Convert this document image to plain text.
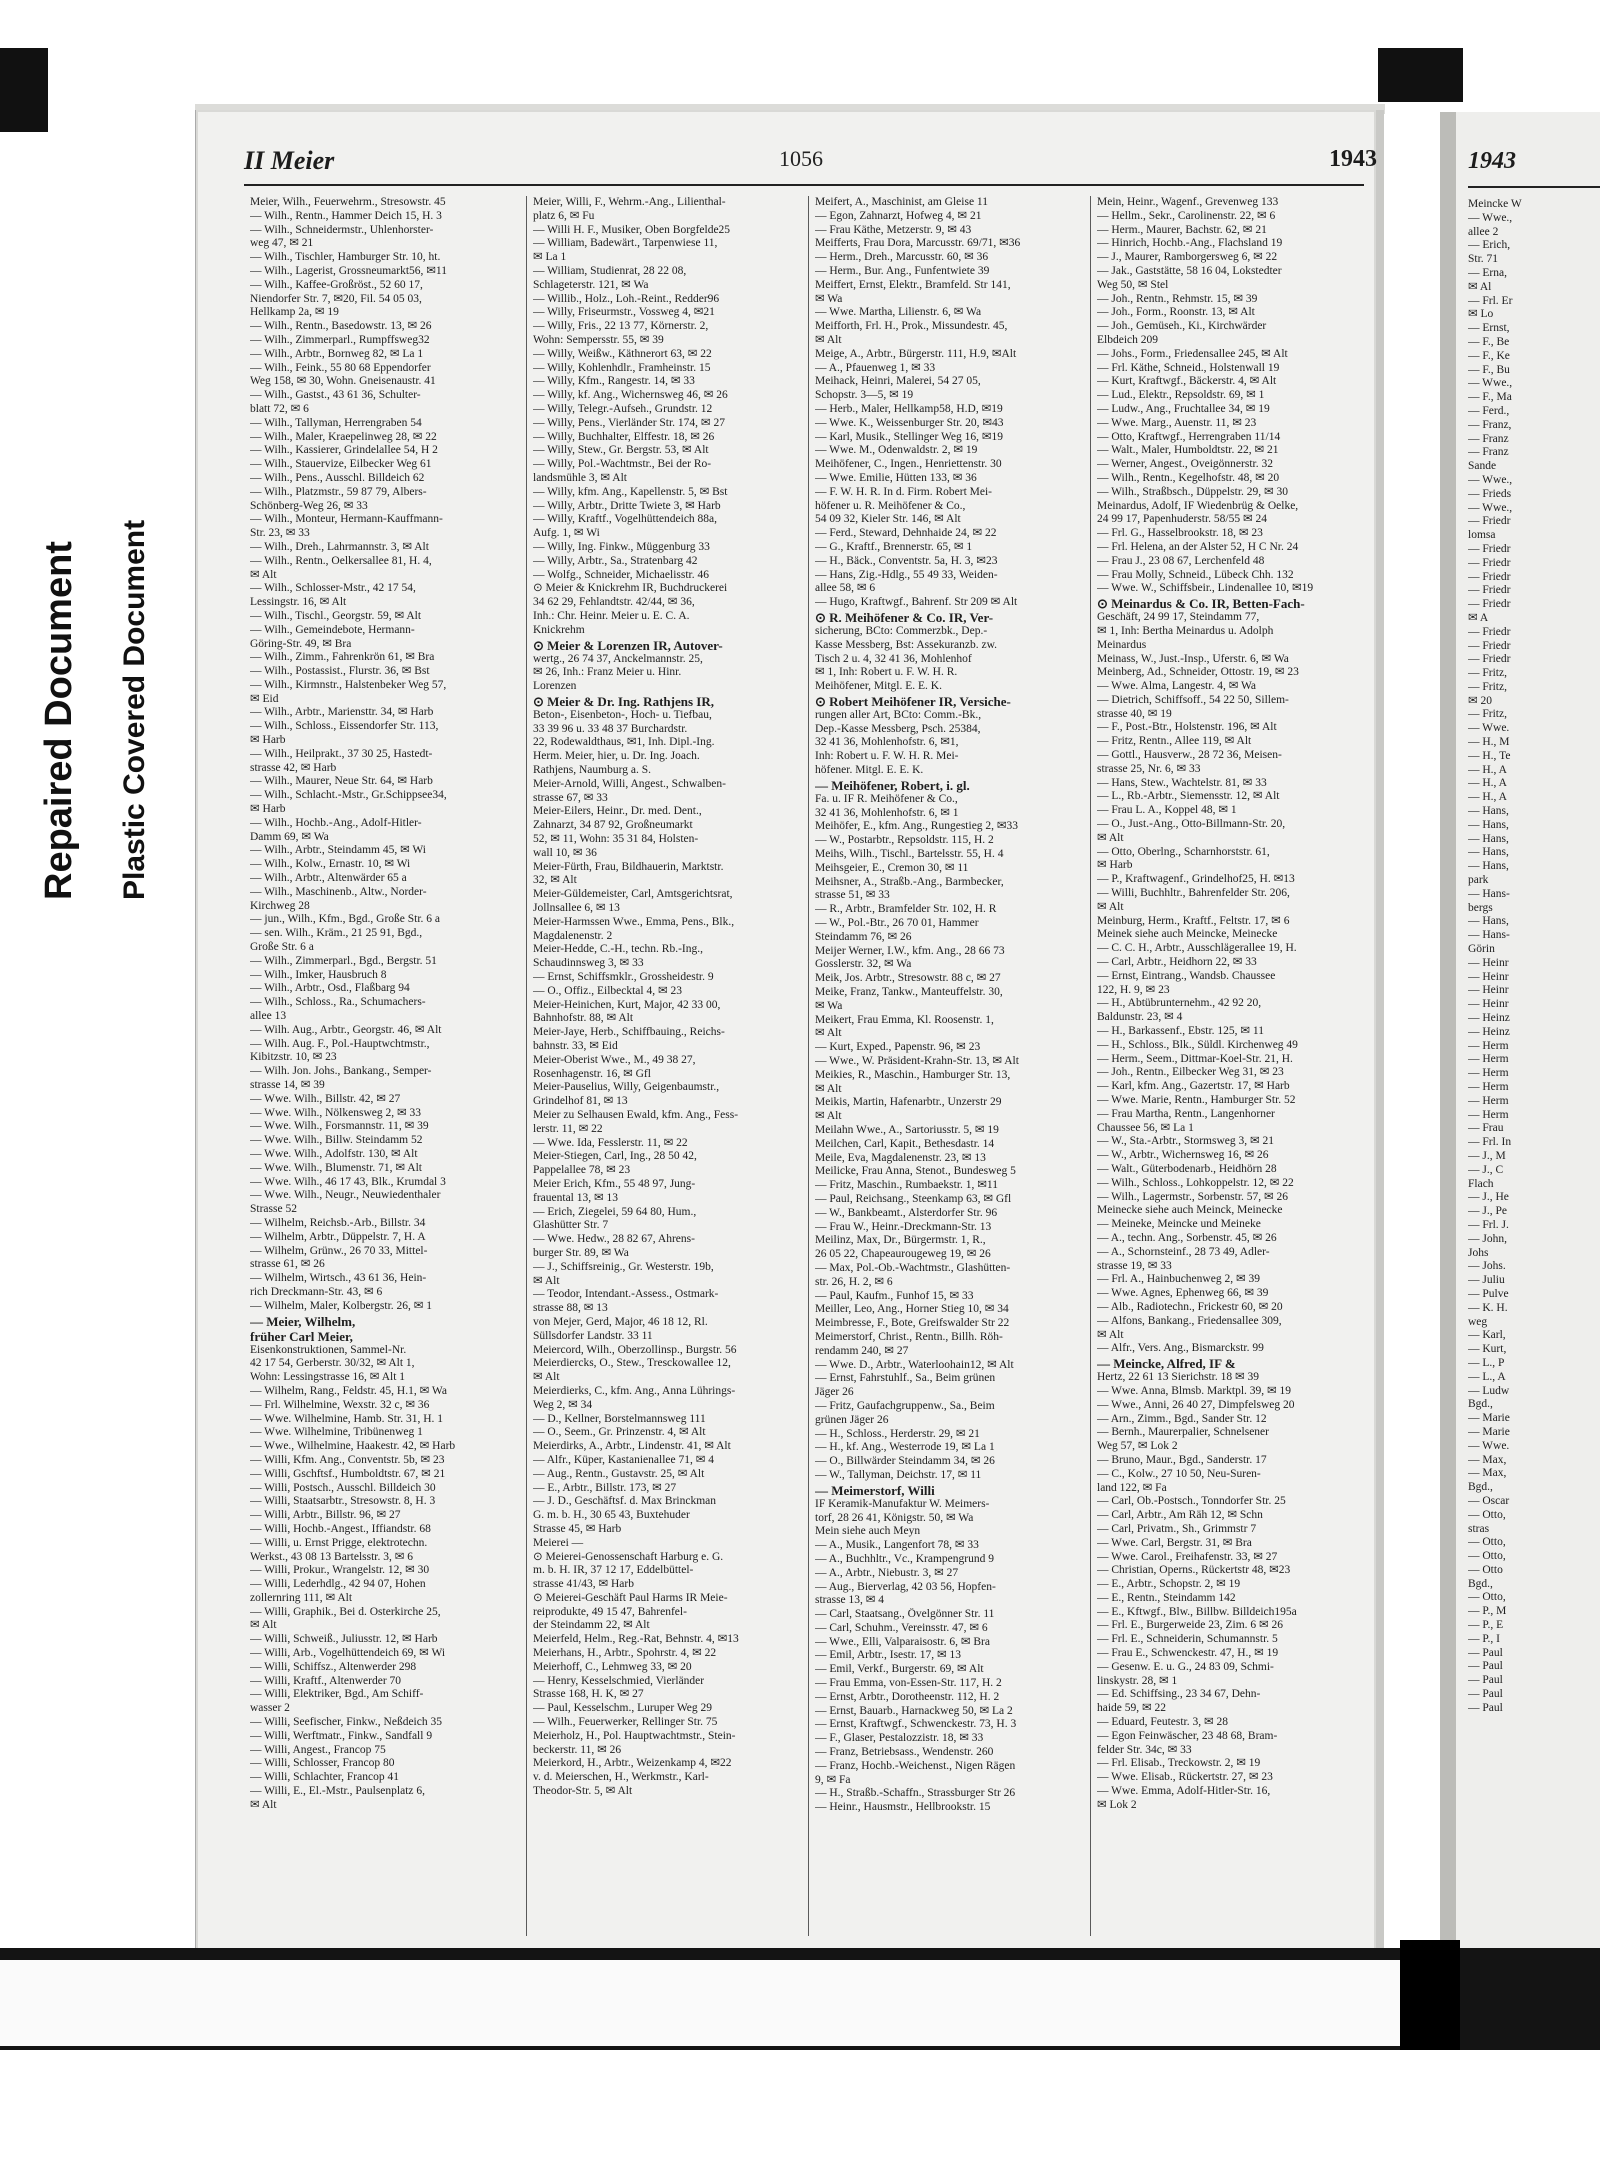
Repaired Document Plastic Covered Document
II Meier	1056	1943
Meier, Wilh., Feuerwehrm., Stresowstr. 45
— Wilh., Rentn., Hammer Deich 15, H. 3
— Wilh., Schneidermstr., Uhlenhorster-
weg 47, ✉ 21
— Wilh., Tischler, Hamburger Str. 10, ht.
— Wilh., Lagerist, Grossneumarkt56, ✉11
— Wilh., Kaffee-Großröst., 52 60 17,
Niendorfer Str. 7, ✉20, Fil. 54 05 03,
Hellkamp 2a, ✉ 19
— Wilh., Rentn., Basedowstr. 13, ✉ 26
— Wilh., Zimmerparl., Rumpffsweg32
— Wilh., Arbtr., Bornweg 82, ✉ La 1
— Wilh., Feink., 55 80 68 Eppendorfer
Weg 158, ✉ 30, Wohn. Gneisenaustr. 41
— Wilh., Gastst., 43 61 36, Schulter-
blatt 72, ✉ 6
— Wilh., Tallyman, Herrengraben 54
— Wilh., Maler, Kraepelinweg 28, ✉ 22
— Wilh., Kassierer, Grindelallee 54, H 2
— Wilh., Stauervize, Eilbecker Weg 61
— Wilh., Pens., Ausschl. Billdeich 62
— Wilh., Platzmstr., 59 87 79, Albers-
Schönberg-Weg 26, ✉ 33
— Wilh., Monteur, Hermann-Kauffmann-
Str. 23, ✉ 33
— Wilh., Dreh., Lahrmannstr. 3, ✉ Alt
— Wilh., Rentn., Oelkersallee 81, H. 4,
✉ Alt
— Wilh., Schlosser-Mstr., 42 17 54,
Lessingstr. 16, ✉ Alt
— Wilh., Tischl., Georgstr. 59, ✉ Alt
— Wilh., Gemeindebote, Hermann-
Göring-Str. 49, ✉ Bra
— Wilh., Zimm., Fahrenkrön 61, ✉ Bra
— Wilh., Postassist., Flurstr. 36, ✉ Bst
— Wilh., Kirmnstr., Halstenbeker Weg 57,
✉ Eid
— Wilh., Arbtr., Mariensttr. 34, ✉ Harb
— Wilh., Schloss., Eissendorfer Str. 113,
✉ Harb
— Wilh., Heilprakt., 37 30 25, Hastedt-
strasse 42, ✉ Harb
— Wilh., Maurer, Neue Str. 64, ✉ Harb
— Wilh., Schlacht.-Mstr., Gr.Schippsee34,
✉ Harb
— Wilh., Hochb.-Ang., Adolf-Hitler-
Damm 69, ✉ Wa
— Wilh., Arbtr., Steindamm 45, ✉ Wi
— Wilh., Kolw., Ernastr. 10, ✉ Wi
— Wilh., Arbtr., Altenwärder 65 a
— Wilh., Maschinenb., Altw., Norder-
Kirchweg 28
— jun., Wilh., Kfm., Bgd., Große Str. 6 a
— sen. Wilh., Kräm., 21 25 91, Bgd.,
Große Str. 6 a
— Wilh., Zimmerparl., Bgd., Bergstr. 51
— Wilh., Imker, Hausbruch 8
— Wilh., Arbtr., Osd., Flaßbarg 94
— Wilh., Schloss., Ra., Schumachers-
allee 13
— Wilh. Aug., Arbtr., Georgstr. 46, ✉ Alt
— Wilh. Aug. F., Pol.-Hauptwchtmstr.,
Kibitzstr. 10, ✉ 23
— Wilh. Jon. Johs., Bankang., Semper-
strasse 14, ✉ 39
— Wwe. Wilh., Billstr. 42, ✉ 27
— Wwe. Wilh., Nölkensweg 2, ✉ 33
— Wwe. Wilh., Forsmannstr. 11, ✉ 39
— Wwe. Wilh., Billw. Steindamm 52
— Wwe. Wilh., Adolfstr. 130, ✉ Alt
— Wwe. Wilh., Blumenstr. 71, ✉ Alt
— Wwe. Wilh., 46 17 43, Blk., Krumdal 3
— Wwe. Wilh., Neugr., Neuwiedenthaler
Strasse 52
— Wilhelm, Reichsb.-Arb., Billstr. 34
— Wilhelm, Arbtr., Düppelstr. 7, H. A
— Wilhelm, Grünw., 26 70 33, Mittel-
strasse 61, ✉ 26
— Wilhelm, Wirtsch., 43 61 36, Hein-
rich Dreckmann-Str. 43, ✉ 6
— Wilhelm, Maler, Kolbergstr. 26, ✉ 1
— Meier, Wilhelm,
früher Carl Meier,
Eisenkonstruktionen, Sammel-Nr.
42 17 54, Gerberstr. 30/32, ✉ Alt 1,
Wohn: Lessingstrasse 16, ✉ Alt 1
— Wilhelm, Rang., Feldstr. 45, H.1, ✉ Wa
— Frl. Wilhelmine, Wexstr. 32 c, ✉ 36
— Wwe. Wilhelmine, Hamb. Str. 31, H. 1
— Wwe. Wilhelmine, Tribünenweg 1
— Wwe., Wilhelmine, Haakestr. 42, ✉ Harb
— Willi, Kfm. Ang., Conventstr. 5b, ✉ 23
— Willi, Gschftsf., Humboldtstr. 67, ✉ 21
— Willi, Postsch., Ausschl. Billdeich 30
— Willi, Staatsarbtr., Stresowstr. 8, H. 3
— Willi, Arbtr., Billstr. 96, ✉ 27
— Willi, Hochb.-Angest., Iffiandstr. 68
— Willi, u. Ernst Prigge, elektrotechn.
Werkst., 43 08 13 Bartelsstr. 3, ✉ 6
— Willi, Prokur., Wrangelstr. 12, ✉ 30
— Willi, Lederhdlg., 42 94 07, Hohen
zollernring 111, ✉ Alt
— Willi, Graphik., Bei d. Osterkirche 25,
✉ Alt
— Willi, Schweiß., Juliusstr. 12, ✉ Harb
— Willi, Arb., Vogelhüttendeich 69, ✉ Wi
— Willi, Schiffsz., Altenwerder 298
— Willi, Kraftf., Altenwerder 70
— Willi, Elektriker, Bgd., Am Schiff-
wasser 2
— Willi, Seefischer, Finkw., Neßdeich 35
— Willi, Werftmatr., Finkw., Sandfall 9
— Willi, Angest., Francop 75
— Willi, Schlosser, Francop 80
— Willi, Schlachter, Francop 41
— Willi, E., El.-Mstr., Paulsenplatz 6,
✉ Alt
Meier, Willi, F., Wehrm.-Ang., Lilienthal-
platz 6, ✉ Fu
— Willi H. F., Musiker, Oben Borgfelde25
— William, Badewärt., Tarpenwiese 11,
✉ La 1
— William, Studienrat, 28 22 08,
Schlageterstr. 121, ✉ Wa
— Willib., Holz., Loh.-Reint., Redder96
— Willy, Friseurmstr., Vossweg 4, ✉21
— Willy, Fris., 22 13 77, Körnerstr. 2,
Wohn: Sempersstr. 55, ✉ 39
— Willy, Weißw., Käthnerort 63, ✉ 22
— Willy, Kohlenhdlr., Framheinstr. 15
— Willy, Kfm., Rangestr. 14, ✉ 33
— Willy, kf. Ang., Wichernsweg 46, ✉ 26
— Willy, Telegr.-Aufseh., Grundstr. 12
— Willy, Pens., Vierländer Str. 174, ✉ 27
— Willy, Buchhalter, Elffestr. 18, ✉ 26
— Willy, Stew., Gr. Bergstr. 53, ✉ Alt
— Willy, Pol.-Wachtmstr., Bei der Ro-
landsmühle 3, ✉ Alt
— Willy, kfm. Ang., Kapellenstr. 5, ✉ Bst
— Willy, Arbtr., Dritte Twiete 3, ✉ Harb
— Willy, Kraftf., Vogelhüttendeich 88a,
Aufg. 1, ✉ Wi
— Willy, Ing. Finkw., Müggenburg 33
— Willy, Arbtr., Sa., Stratenbarg 42
— Wolfg., Schneider, Michaelisstr. 46
⊙ Meier & Knickrehm IR, Buchdruckerei
34 62 29, Fehlandtstr. 42/44, ✉ 36,
Inh.: Chr. Heinr. Meier u. E. C. A.
Knickrehm
⊙ Meier & Lorenzen IR, Autover-
wertg., 26 74 37, Anckelmannstr. 25,
✉ 26, Inh.: Franz Meier u. Hinr.
Lorenzen
⊙ Meier & Dr. Ing. Rathjens IR,
Beton-, Eisenbeton-, Hoch- u. Tiefbau,
33 39 96 u. 33 48 37 Burchardstr.
22, Rodewaldthaus, ✉1, Inh. Dipl.-Ing.
Herm. Meier, hier, u. Dr. Ing. Joach.
Rathjens, Naumburg a. S.
Meier-Arnold, Willi, Angest., Schwalben-
strasse 67, ✉ 33
Meier-Eilers, Heinr., Dr. med. Dent.,
Zahnarzt, 34 87 92, Großneumarkt
52, ✉ 11, Wohn: 35 31 84, Holsten-
wall 10, ✉ 36
Meier-Fürth, Frau, Bildhauerin, Marktstr.
32, ✉ Alt
Meier-Güldemeister, Carl, Amtsgerichtsrat,
Jollnsallee 6, ✉ 13
Meier-Harmssen Wwe., Emma, Pens., Blk.,
Magdalenenstr. 2
Meier-Hedde, C.-H., techn. Rb.-Ing.,
Schaudinnsweg 3, ✉ 33
— Ernst, Schiffsmklr., Grossheidestr. 9
— O., Offiz., Eilbecktal 4, ✉ 23
Meier-Heinichen, Kurt, Major, 42 33 00,
Bahnhofstr. 88, ✉ Alt
Meier-Jaye, Herb., Schiffbauing., Reichs-
bahnstr. 33, ✉ Eid
Meier-Oberist Wwe., M., 49 38 27,
Rosenhagenstr. 16, ✉ Gfl
Meier-Pauselius, Willy, Geigenbaumstr.,
Grindelhof 81, ✉ 13
Meier zu Selhausen Ewald, kfm. Ang., Fess-
lerstr. 11, ✉ 22
— Wwe. Ida, Fesslerstr. 11, ✉ 22
Meier-Stiegen, Carl, Ing., 28 50 42,
Pappelallee 78, ✉ 23
Meier Erich, Kfm., 55 48 97, Jung-
frauental 13, ✉ 13
— Erich, Ziegelei, 59 64 80, Hum.,
Glashütter Str. 7
— Wwe. Hedw., 28 82 67, Ahrens-
burger Str. 89, ✉ Wa
— J., Schiffsreinig., Gr. Westerstr. 19b,
✉ Alt
— Teodor, Intendant.-Assess., Ostmark-
strasse 88, ✉ 13
von Mejer, Gerd, Major, 46 18 12, Rl.
Süllsdorfer Landstr. 33 11
Meiercord, Wilh., Oberzollinsp., Burgstr. 56
Meierdiercks, O., Stew., Tresckowallee 12,
✉ Alt
Meierdierks, C., kfm. Ang., Anna Lührings-
Weg 2, ✉ 34
— D., Kellner, Borstelmannsweg 111
— O., Seem., Gr. Prinzenstr. 4, ✉ Alt
Meierdirks, A., Arbtr., Lindenstr. 41, ✉ Alt
— Alfr., Küper, Kastanienallee 71, ✉ 4
— Aug., Rentn., Gustavstr. 25, ✉ Alt
— E., Arbtr., Billstr. 173, ✉ 27
— J. D., Geschäftsf. d. Max Brinckman
G. m. b. H., 30 65 43, Buxtehuder
Strasse 45, ✉ Harb
Meierei —
⊙ Meierei-Genossenschaft Harburg e. G.
m. b. H. IR, 37 12 17, Eddelbüttel-
strasse 41/43, ✉ Harb
⊙ Meierei-Geschäft Paul Harms IR Meie-
reiprodukte, 49 15 47, Bahrenfel-
der Steindamm 22, ✉ Alt
Meierfeld, Helm., Reg.-Rat, Behnstr. 4, ✉13
Meierhans, H., Arbtr., Spohrstr. 4, ✉ 22
Meierhoff, C., Lehmweg 33, ✉ 20
— Henry, Kesselschmied, Vierländer
Strasse 168, H. K, ✉ 27
— Paul, Kesselschm., Luruper Weg 29
— Wilh., Feuerwerker, Rellinger Str. 75
Meierholz, H., Pol. Hauptwachtmstr., Stein-
beckerstr. 11, ✉ 26
Meierkord, H., Arbtr., Weizenkamp 4, ✉22
v. d. Meierschen, H., Werkmstr., Karl-
Theodor-Str. 5, ✉ Alt
Meifert, A., Maschinist, am Gleise 11
— Egon, Zahnarzt, Hofweg 4, ✉ 21
— Frau Käthe, Metzerstr. 9, ✉ 43
Meifferts, Frau Dora, Marcusstr. 69/71, ✉36
— Herm., Dreh., Marcusstr. 60, ✉ 36
— Herm., Bur. Ang., Funfentwiete 39
Meiffert, Ernst, Elektr., Bramfeld. Str 141,
✉ Wa
— Wwe. Martha, Lilienstr. 6, ✉ Wa
Meifforth, Frl. H., Prok., Missundestr. 45,
✉ Alt
Meige, A., Arbtr., Bürgerstr. 111, H.9, ✉Alt
— A., Pfauenweg 1, ✉ 33
Meihack, Heinri, Malerei, 54 27 05,
Schopstr. 3—5, ✉ 19
— Herb., Maler, Hellkamp58, H.D, ✉19
— Wwe. K., Weissenburger Str. 20, ✉43
— Karl, Musik., Stellinger Weg 16, ✉19
— Wwe. M., Odenwaldstr. 2, ✉ 19
Meihöfener, C., Ingen., Henriettenstr. 30
— Wwe. Emilie, Hütten 133, ✉ 36
— F. W. H. R. In d. Firm. Robert Mei-
höfener u. R. Meihöfener & Co.,
54 09 32, Kieler Str. 146, ✉ Alt
— Ferd., Steward, Dehnhaide 24, ✉ 22
— G., Kraftf., Brennerstr. 65, ✉ 1
— H., Bäck., Conventstr. 5a, H. 3, ✉23
— Hans, Zig.-Hdlg., 55 49 33, Weiden-
allee 58, ✉ 6
— Hugo, Kraftwgf., Bahrenf. Str 209 ✉ Alt
⊙ R. Meihöfener & Co. IR, Ver-
sicherung, BCto: Commerzbk., Dep.-
Kasse Messberg, Bst: Assekuranzb. zw.
Tisch 2 u. 4, 32 41 36, Mohlenhof
✉ 1, Inh: Robert u. F. W. H. R.
Meihöfener, Mitgl. E. E. K.
⊙ Robert Meihöfener IR, Versiche-
rungen aller Art, BCto: Comm.-Bk.,
Dep.-Kasse Messberg, Psch. 25384,
32 41 36, Mohlenhofstr. 6, ✉1,
Inh: Robert u. F. W. H. R. Mei-
höfener. Mitgl. E. E. K.
— Meihöfener, Robert, i. gl.
Fa. u. IF R. Meihöfener & Co.,
32 41 36, Mohlenhofstr. 6, ✉ 1
Meihöfer, E., kfm. Ang., Rungestieg 2, ✉33
— W., Postarbtr., Repsoldstr. 115, H. 2
Meihs, Wilh., Tischl., Bartelsstr. 55, H. 4
Meihsgeier, E., Cremon 30, ✉ 11
Meihsner, A., Straßb.-Ang., Barmbecker,
strasse 51, ✉ 33
— R., Arbtr., Bramfelder Str. 102, H. R
— W., Pol.-Btr., 26 70 01, Hammer
Steindamm 76, ✉ 26
Meijer Werner, I.W., kfm. Ang., 28 66 73
Gosslerstr. 32, ✉ Wa
Meik, Jos. Arbtr., Stresowstr. 88 c, ✉ 27
Meike, Franz, Tankw., Manteuffelstr. 30,
✉ Wa
Meikert, Frau Emma, Kl. Roosenstr. 1,
✉ Alt
— Kurt, Exped., Papenstr. 96, ✉ 23
— Wwe., W. Präsident-Krahn-Str. 13, ✉ Alt
Meikies, R., Maschin., Hamburger Str. 13,
✉ Alt
Meikis, Martin, Hafenarbtr., Unzerstr 29
✉ Alt
Meilahn Wwe., A., Sartoriusstr. 5, ✉ 19
Meilchen, Carl, Kapit., Bethesdastr. 14
Meile, Eva, Magdalenenstr. 23, ✉ 13
Meilicke, Frau Anna, Stenot., Bundesweg 5
— Fritz, Maschin., Rumbaekstr. 1, ✉11
— Paul, Reichsang., Steenkamp 63, ✉ Gfl
— W., Bankbeamt., Alsterdorfer Str. 96
— Frau W., Heinr.-Dreckmann-Str. 13
Meilinz, Max, Dr., Bürgermstr. 1, R.,
26 05 22, Chapeaurougeweg 19, ✉ 26
— Max, Pol.-Ob.-Wachtmstr., Glashütten-
str. 26, H. 2, ✉ 6
— Paul, Kaufm., Funhof 15, ✉ 33
Meiller, Leo, Ang., Horner Stieg 10, ✉ 34
Meimbresse, F., Bote, Greifswalder Str 22
Meimerstorf, Christ., Rentn., Billh. Röh-
rendamm 240, ✉ 27
— Wwe. D., Arbtr., Waterloohain12, ✉ Alt
— Ernst, Fahrstuhlf., Sa., Beim grünen
Jäger 26
— Fritz, Gaufachgruppenw., Sa., Beim
grünen Jäger 26
— H., Schloss., Herderstr. 29, ✉ 21
— H., kf. Ang., Westerrode 19, ✉ La 1
— O., Billwärder Steindamm 34, ✉ 26
— W., Tallyman, Deichstr. 17, ✉ 11
— Meimerstorf, Willi
IF Keramik-Manufaktur W. Meimers-
torf, 28 26 41, Königstr. 50, ✉ Wa
Mein siehe auch Meyn
— A., Musik., Langenfort 78, ✉ 33
— A., Buchhltr., Vc., Krampengrund 9
— A., Arbtr., Niebustr. 3, ✉ 27
— Aug., Bierverlag, 42 03 56, Hopfen-
strasse 13, ✉ 4
— Carl, Staatsang., Övelgönner Str. 11
— Carl, Schuhm., Vereinsstr. 47, ✉ 6
— Wwe., Elli, Valparaisostr. 6, ✉ Bra
— Emil, Arbtr., Isestr. 17, ✉ 13
— Emil, Verkf., Burgerstr. 69, ✉ Alt
— Frau Emma, von-Essen-Str. 117, H. 2
— Ernst, Arbtr., Dorotheenstr. 112, H. 2
— Ernst, Bauarb., Harnackweg 50, ✉ La 2
— Ernst, Kraftwgf., Schwenckestr. 73, H. 3
— F., Glaser, Pestalozzistr. 18, ✉ 33
— Franz, Betriebsass., Wendenstr. 260
— Franz, Hochb.-Weichenst., Nigen Rägen
9, ✉ Fa
— H., Straßb.-Schaffn., Strassburger Str 26
— Heinr., Hausmstr., Hellbrookstr. 15
Mein, Heinr., Wagenf., Grevenweg 133
— Hellm., Sekr., Carolinenstr. 22, ✉ 6
— Herm., Maurer, Bachstr. 62, ✉ 21
— Hinrich, Hochb.-Ang., Flachsland 19
— J., Maurer, Ramborgersweg 6, ✉ 22
— Jak., Gaststätte, 58 16 04, Lokstedter
Weg 50, ✉ Stel
— Joh., Rentn., Rehmstr. 15, ✉ 39
— Joh., Form., Roonstr. 13, ✉ Alt
— Joh., Gemüseh., Ki., Kirchwärder
Elbdeich 209
— Johs., Form., Friedensallee 245, ✉ Alt
— Frl. Käthe, Schneid., Holstenwall 19
— Kurt, Kraftwgf., Bäckerstr. 4, ✉ Alt
— Lud., Elektr., Repsoldstr. 69, ✉ 1
— Ludw., Ang., Fruchtallee 34, ✉ 19
— Wwe. Marg., Auenstr. 11, ✉ 23
— Otto, Kraftwgf., Herrengraben 11/14
— Walt., Maler, Humboldtstr. 22, ✉ 21
— Werner, Angest., Oveigönnerstr. 32
— Wilh., Rentn., Kegelhofstr. 48, ✉ 20
— Wilh., Straßbsch., Düppelstr. 29, ✉ 30
Meinardus, Adolf, IF Wiedenbrüg & Oelke,
24 99 17, Papenhuderstr. 58/55 ✉ 24
— Frl. G., Hasselbrookstr. 18, ✉ 23
— Frl. Helena, an der Alster 52, H C Nr. 24
— Frau J., 23 08 67, Lerchenfeld 48
— Frau Molly, Schneid., Lübeck Chh. 132
— Wwe. W., Schiffsbeir., Lindenallee 10, ✉19
⊙ Meinardus & Co. IR, Betten-Fach-
Geschäft, 24 99 17, Steindamm 77,
✉ 1, Inh: Bertha Meinardus u. Adolph
Meinardus
Meinass, W., Just.-Insp., Uferstr. 6, ✉ Wa
Meinberg, Ad., Schneider, Ottostr. 19, ✉ 23
— Wwe. Alma, Langestr. 4, ✉ Wa
— Dietrich, Schiffsoff., 54 22 50, Sillem-
strasse 40, ✉ 19
— F., Post.-Btr., Holstenstr. 196, ✉ Alt
— Fritz, Rentn., Allee 119, ✉ Alt
— Gottl., Hausverw., 28 72 36, Meisen-
strasse 25, Nr. 6, ✉ 33
— Hans, Stew., Wachtelstr. 81, ✉ 33
— L., Rb.-Arbtr., Siemensstr. 12, ✉ Alt
— Frau L. A., Koppel 48, ✉ 1
— O., Just.-Ang., Otto-Billmann-Str. 20,
✉ Alt
— Otto, Oberlng., Scharnhorststr. 61,
✉ Harb
— P., Kraftwagenf., Grindelhof25, H. ✉13
— Willi, Buchhltr., Bahrenfelder Str. 206,
✉ Alt
Meinburg, Herm., Kraftf., Feltstr. 17, ✉ 6
Meinek siehe auch Meincke, Meinecke
— C. C. H., Arbtr., Ausschlägerallee 19, H.
— Carl, Arbtr., Heidhorn 22, ✉ 33
— Ernst, Eintrang., Wandsb. Chaussee
122, H. 9, ✉ 23
— H., Abtübrunternehm., 42 92 20,
Baldunstr. 23, ✉ 4
— H., Barkassenf., Ebstr. 125, ✉ 11
— H., Schloss., Blk., Süldl. Kirchenweg 49
— Herm., Seem., Dittmar-Koel-Str. 21, H.
— Joh., Rentn., Eilbecker Weg 31, ✉ 23
— Karl, kfm. Ang., Gazertstr. 17, ✉ Harb
— Wwe. Marie, Rentn., Hamburger Str. 52
— Frau Martha, Rentn., Langenhorner
Chaussee 56, ✉ La 1
— W., Sta.-Arbtr., Stormsweg 3, ✉ 21
— W., Arbtr., Wichernsweg 16, ✉ 26
— Walt., Güterbodenarb., Heidhörn 28
— Wilh., Schloss., Lohkoppelstr. 12, ✉ 22
— Wilh., Lagermstr., Sorbenstr. 57, ✉ 26
Meinecke siehe auch Meinck, Meinecke
— Meineke, Meincke und Meineke
— A., techn. Ang., Sorbenstr. 45, ✉ 26
— A., Schornsteinf., 28 73 49, Adler-
strasse 19, ✉ 33
— Frl. A., Hainbuchenweg 2, ✉ 39
— Wwe. Agnes, Ephenweg 66, ✉ 39
— Alb., Radiotechn., Frickestr 60, ✉ 20
— Alfons, Bankang., Friedensallee 309,
✉ Alt
— Alfr., Vers. Ang., Bismarckstr. 99
— Meincke, Alfred, IF &
Hertz, 22 61 13 Sierichstr. 18 ✉ 39
— Wwe. Anna, Blmsb. Marktpl. 39, ✉ 19
— Wwe., Anni, 26 40 27, Dimpfelsweg 20
— Arn., Zimm., Bgd., Sander Str. 12
— Bernh., Maurerpalier, Schnelsener
Weg 57, ✉ Lok 2
— Bruno, Maur., Bgd., Sanderstr. 17
— C., Kolw., 27 10 50, Neu-Suren-
land 122, ✉ Fa
— Carl, Ob.-Postsch., Tonndorfer Str. 25
— Carl, Arbtr., Am Räh 12, ✉ Schn
— Carl, Privatm., Sh., Grimmstr 7
— Wwe. Carl, Bergstr. 31, ✉ Bra
— Wwe. Carol., Freihafenstr. 33, ✉ 27
— Christian, Operns., Rückertstr 48, ✉23
— E., Arbtr., Schopstr. 2, ✉ 19
— E., Rentn., Steindamm 142
— E., Kftwgf., Blw., Billbw. Billdeich195a
— Frl. E., Burgerweide 23, Zim. 6 ✉ 26
— Frl. E., Schneiderin, Schumannstr. 5
— Frau E., Schwenckestr. 47, H., ✉ 19
— Gesenw. E. u. G., 24 83 09, Schmi-
linskystr. 28, ✉ 1
— Ed. Schiffsing., 23 34 67, Dehn-
haide 59, ✉ 22
— Eduard, Feutestr. 3, ✉ 28
— Egon Feinwäscher, 23 48 68, Bram-
felder Str. 34c, ✉ 33
— Frl. Elisab., Treckowstr. 2, ✉ 19
— Wwe. Elisab., Rückertstr. 27, ✉ 23
— Wwe. Emma, Adolf-Hitler-Str. 16,
✉ Lok 2
1943
Meincke W
— Wwe.,
allee 2
— Erich,
Str. 71
— Erna,
✉ Al
— Frl. Er
✉ Lo
— Ernst,
— F., Be
— F., Ke
— F., Bu
— Wwe.,
— F., Ma
— Ferd.,
— Franz,
— Franz
— Franz
Sande
— Wwe.,
— Frieds
— Wwe.,
— Friedr
lomsa
— Friedr
— Friedr
— Friedr
— Friedr
— Friedr
✉ A
— Friedr
— Friedr
— Friedr
— Fritz,
— Fritz,
✉ 20
— Fritz,
— Wwe.
— H., M
— H., Te
— H., A
— H., A
— H., A
— Hans,
— Hans,
— Hans,
— Hans,
— Hans,
park
— Hans-
bergs
— Hans,
— Hans-
Görin
— Heinr
— Heinr
— Heinr
— Heinr
— Heinz
— Heinz
— Herm
— Herm
— Herm
— Herm
— Herm
— Herm
— Frau
— Frl. In
— J., M
— J., C
Flach
— J., He
— J., Pe
— Frl. J.
— John,
Johs
— Johs.
— Juliu
— Pulve
— K. H.
weg
— Karl,
— Kurt,
— L., P
— L., A
— Ludw
Bgd.,
— Marie
— Marie
— Wwe.
— Max,
— Max,
Bgd.,
— Oscar
— Otto,
stras
— Otto,
— Otto,
— Otto
Bgd.,
— Otto,
— P., M
— P., E
— P., I
— Paul
— Paul
— Paul
— Paul
— Paul
